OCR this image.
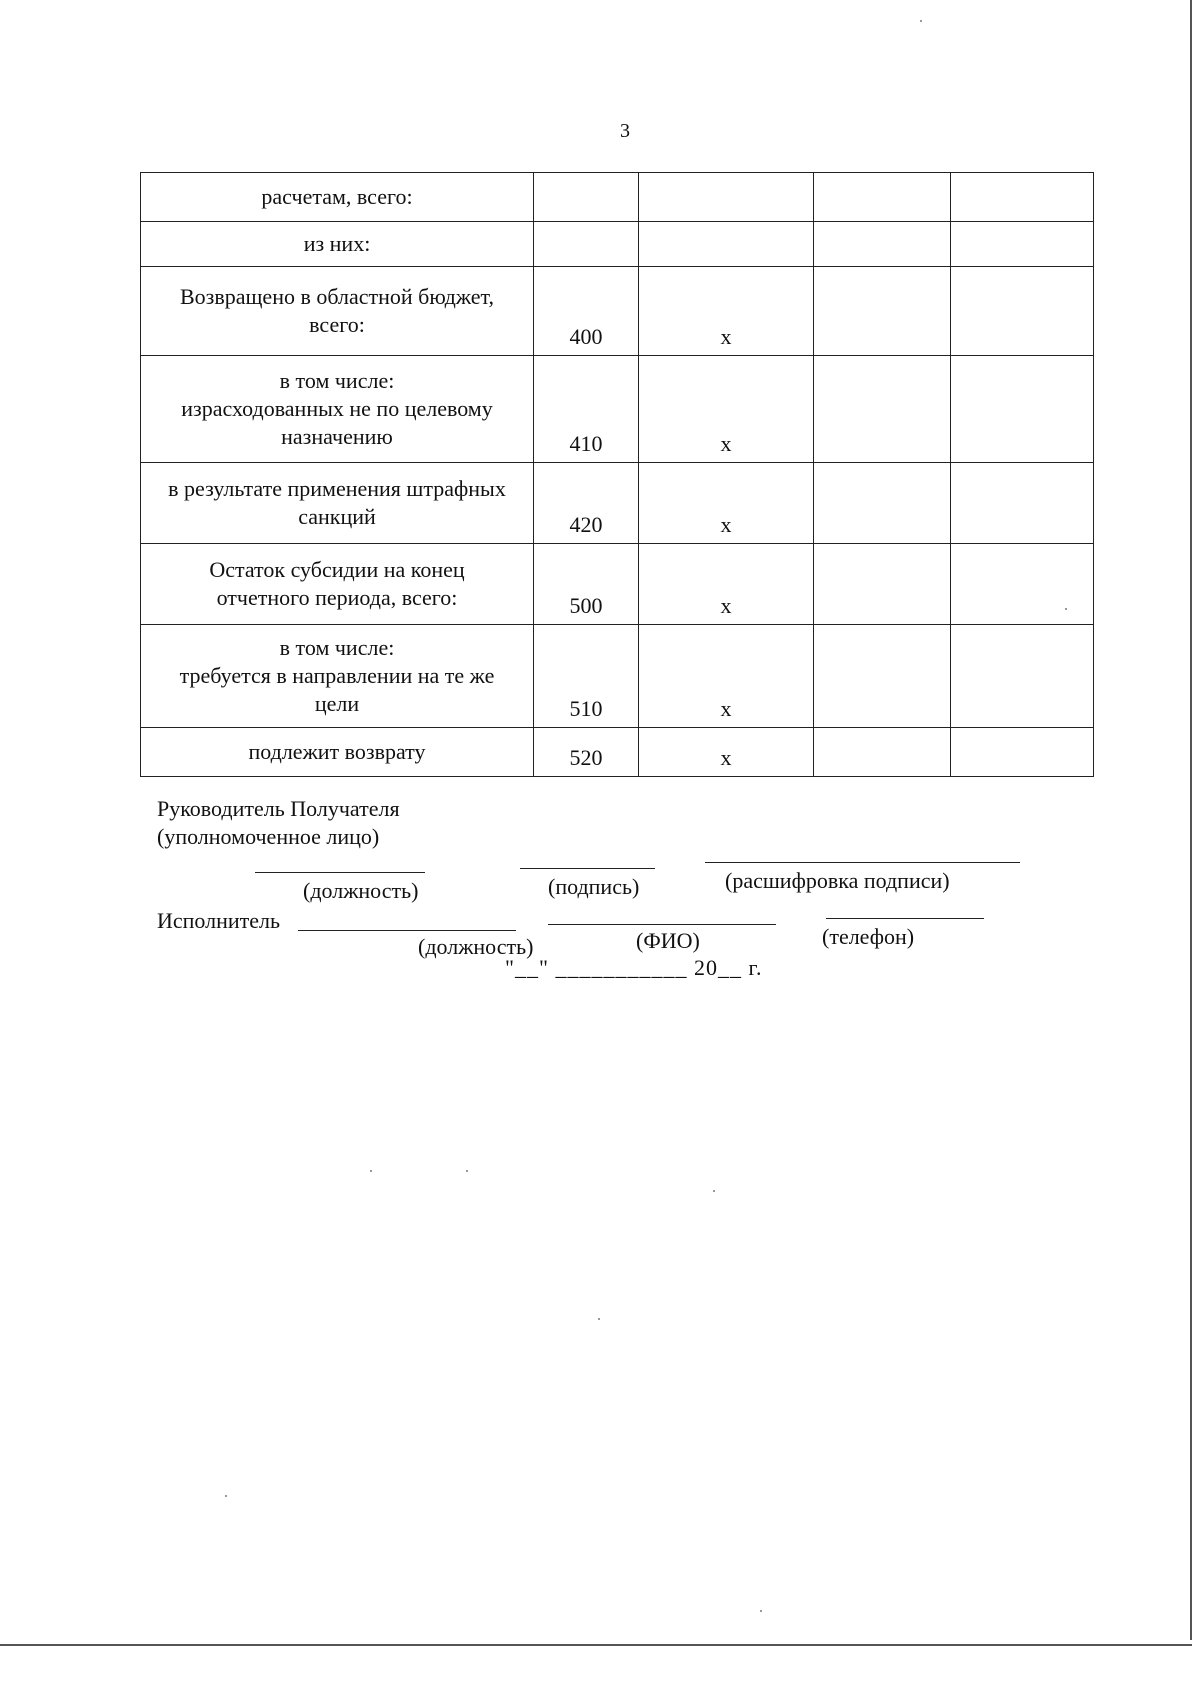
3
расчетам, всего:				

из них:				

Возвращено в областной бюджет,
всего:	400	x		

в том числе:
израсходованных не по целевому
назначению	410	x		

в результате применения штрафных
санкций	420	x		

Остаток субсидии на конец
отчетного периода, всего:	500	x		

в том числе:
требуется в направлении на те же
цели	510	x		

подлежит возврату	520	x		
Руководитель Получателя
(уполномоченное лицо)
(должность)	(подпись)	(расшифровка подписи)
Исполнитель
(должность)	(ФИО)	(телефон)
"__" ___________ 20__ г.
